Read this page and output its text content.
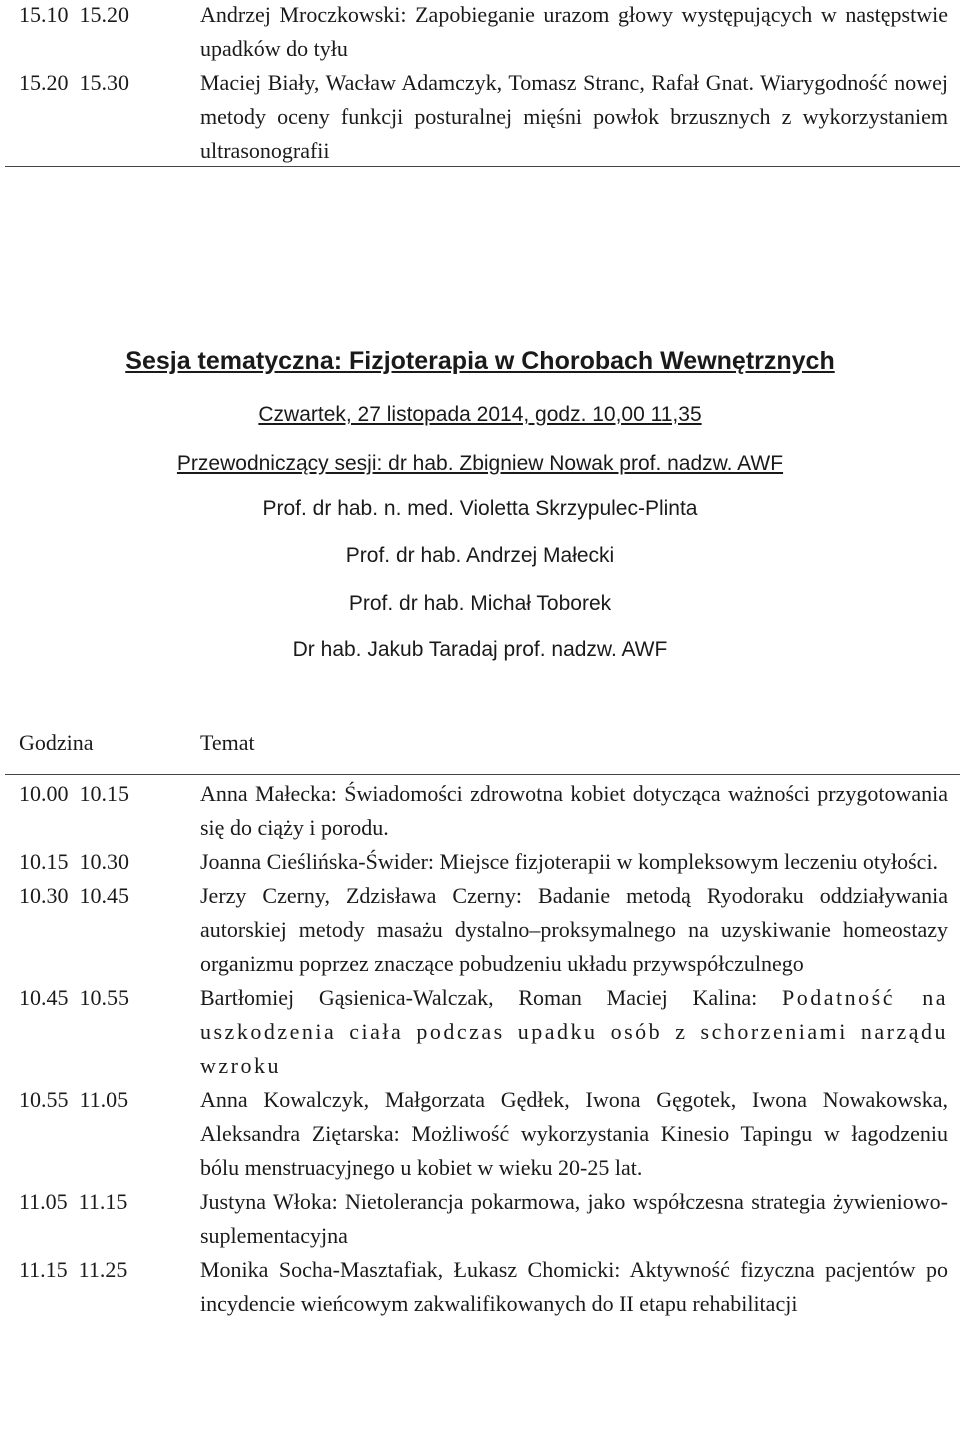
15.10  15.20	Andrzej Mroczkowski: Zapobieganie urazom głowy występujących w następstwie upadków do tyłu
15.20  15.30	Maciej Biały, Wacław Adamczyk, Tomasz Stranc, Rafał Gnat. Wiarygodność nowej metody oceny funkcji posturalnej mięśni powłok brzusznych z wykorzystaniem ultrasonografii
Sesja tematyczna: Fizjoterapia w Chorobach Wewnętrznych
Czwartek, 27 listopada 2014, godz. 10,00 11,35
Przewodniczący sesji: dr hab. Zbigniew Nowak prof. nadzw. AWF
Prof. dr hab. n. med. Violetta Skrzypulec-Plinta
Prof. dr hab. Andrzej Małecki
Prof. dr hab. Michał Toborek
Dr hab. Jakub Taradaj prof. nadzw. AWF
Godzina	Temat
10.00  10.15	Anna Małecka: Świadomości zdrowotna kobiet dotycząca ważności przygotowania się do ciąży i porodu.
10.15  10.30	Joanna Cieślińska-Świder: Miejsce fizjoterapii w kompleksowym leczeniu otyłości.
10.30  10.45	Jerzy Czerny, Zdzisława Czerny: Badanie metodą Ryodoraku oddziaływania autorskiej metody masażu dystalno–proksymalnego na uzyskiwanie homeostazy organizmu poprzez znaczące pobudzeniu układu przywspółczulnego
10.45  10.55	Bartłomiej Gąsienica-Walczak, Roman Maciej Kalina: Podatność na uszkodzenia ciała podczas upadku osób z schorzeniami narządu wzroku
10.55  11.05	Anna Kowalczyk, Małgorzata Gędłek, Iwona Gęgotek, Iwona Nowakowska, Aleksandra Ziętarska: Możliwość wykorzystania Kinesio Tapingu w łagodzeniu bólu menstruacyjnego u kobiet w wieku 20-25 lat.
11.05  11.15	Justyna Włoka: Nietolerancja pokarmowa, jako współczesna strategia żywieniowo-suplementacyjna
11.15  11.25	Monika Socha-Masztafiak, Łukasz Chomicki: Aktywność fizyczna pacjentów po incydencie wieńcowym zakwalifikowanych do II etapu rehabilitacji
